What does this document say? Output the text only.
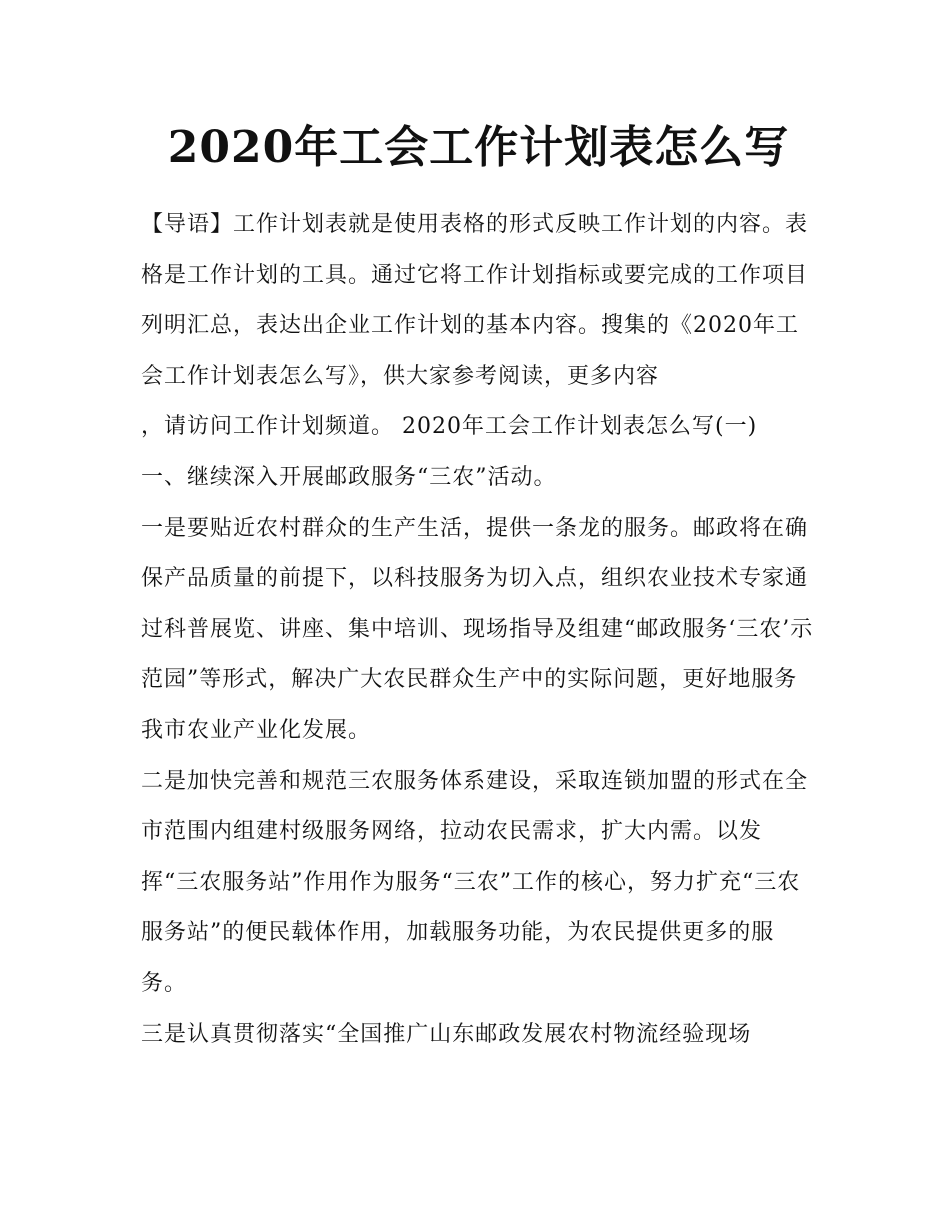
2020年工会工作计划表怎么写

【导语】工作计划表就是使用表格的形式反映工作计划的内容。表格是工作计划的工具。通过它将工作计划指标或要完成的工作项目列明汇总，表达出企业工作计划的基本内容。搜集的《2020年工会工作计划表怎么写》，供大家参考阅读，更多内容

，请访问工作计划频道。 2020年工会工作计划表怎么写(一)

一、继续深入开展邮政服务“三农”活动。

一是要贴近农村群众的生产生活，提供一条龙的服务。邮政将在确保产品质量的前提下，以科技服务为切入点，组织农业技术专家通过科普展览、讲座、集中培训、现场指导及组建“邮政服务‘三农’示范园”等形式，解决广大农民群众生产中的实际问题，更好地服务我市农业产业化发展。

二是加快完善和规范三农服务体系建设，采取连锁加盟的形式在全市范围内组建村级服务网络，拉动农民需求，扩大内需。以发挥“三农服务站”作用作为服务“三农”工作的核心，努力扩充“三农服务站”的便民载体作用，加载服务功能，为农民提供更多的服务。

三是认真贯彻落实“全国推广山东邮政发展农村物流经验现场
